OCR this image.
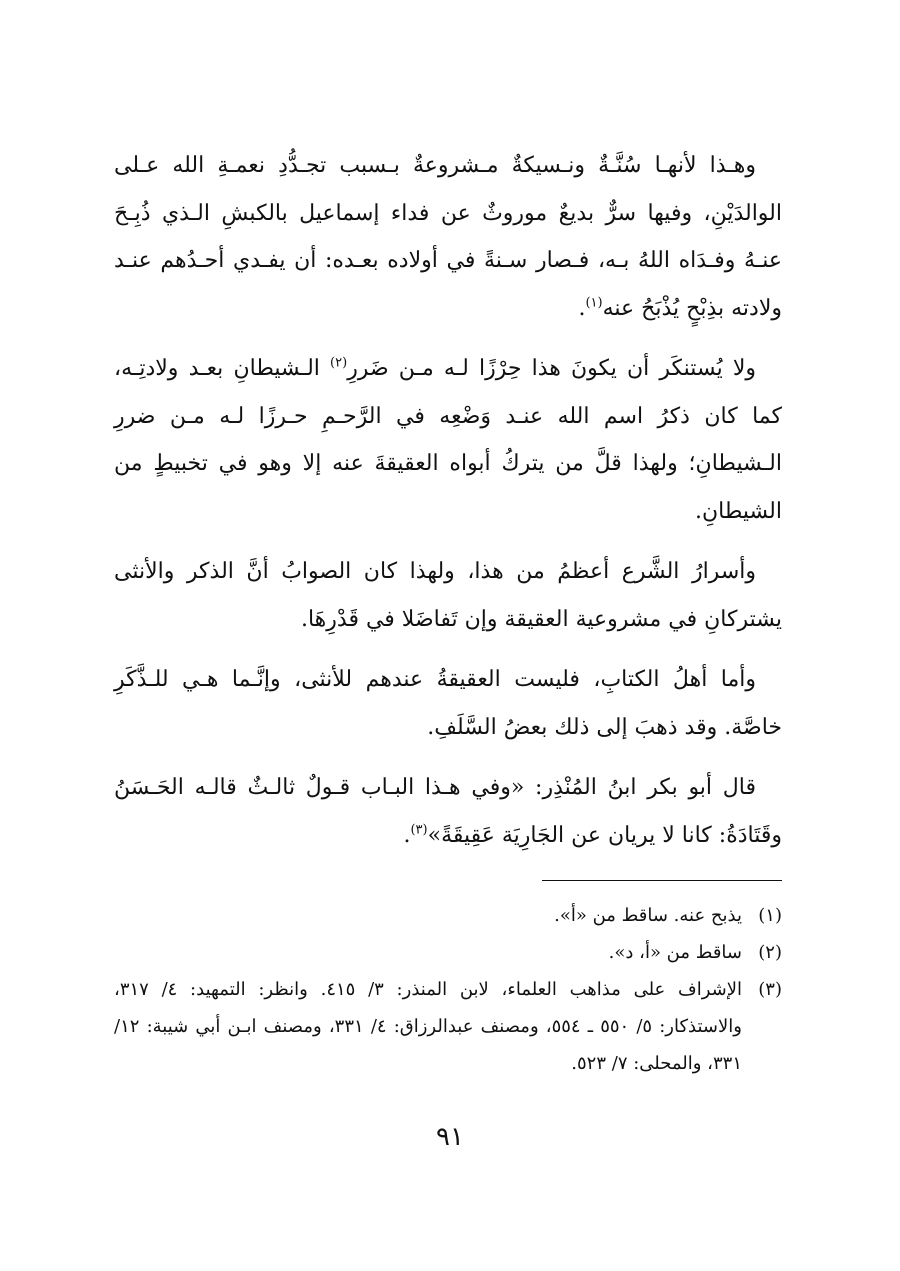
وهـذا لأنهـا سُنَّـةٌ ونـسيكةٌ مـشروعةٌ بـسبب تجـدُّدِ نعمـةِ الله عـلى الوالدَيْنِ، وفيها سرٌّ بديعٌ موروثٌ عن فداء إسماعيل بالكبشِ الـذي ذُبِـحَ عنـهُ وفـدَاه اللهُ بـه، فـصار سـنةً في أولاده بعـده: أن يفـدي أحـدُهم عنـد ولادته بذِبْحٍ يُذْبَحُ عنه$^{(١)}$.

ولا يُستنكَر أن يكونَ هذا حِرْزًا لـه مـن ضَررِ$^{(٢)}$ الـشيطانِ بعـد ولادتِـه، كما كان ذكرُ اسم الله عنـد وَضْعِه في الرَّحـمِ حـرزًا لـه مـن ضررِ الـشيطانِ؛ ولهذا قلَّ من يتركُ أبواه العقيقةَ عنه إلا وهو في تخبيطٍ من الشيطانِ.

وأسرارُ الشَّرع أعظمُ من هذا، ولهذا كان الصوابُ أنَّ الذكر والأنثى يشتركانِ في مشروعية العقيقة وإن تَفاضَلا في قَدْرِهَا.

وأما أهلُ الكتابِ، فليست العقيقةُ عندهم للأنثى، وإنَّـما هـي للـذَّكَرِ خاصَّة. وقد ذهبَ إلى ذلك بعضُ السَّلَفِ.

قال أبو بكر ابنُ المُنْذِر: «وفي هـذا البـاب قـولٌ ثالـثٌ قالـه الحَـسَنُ وقَتَادَةُ: كانا لا يريان عن الجَارِيَة عَقِيقَةً»$^{(٣)}$.

(١)
يذبح عنه. ساقط من «أ».
(٢)
ساقط من «أ، د».
(٣)
الإشراف على مذاهب العلماء، لابن المنذر: ٣/ ٤١٥. وانظر: التمهيد: ٤/ ٣١٧، والاستذكار: ٥/ ٥٥٠ ـ ٥٥٤، ومصنف عبدالرزاق: ٤/ ٣٣١، ومصنف ابـن أبي شيبة: ١٢/ ٣٣١، والمحلى: ٧/ ٥٢٣.
٩١
